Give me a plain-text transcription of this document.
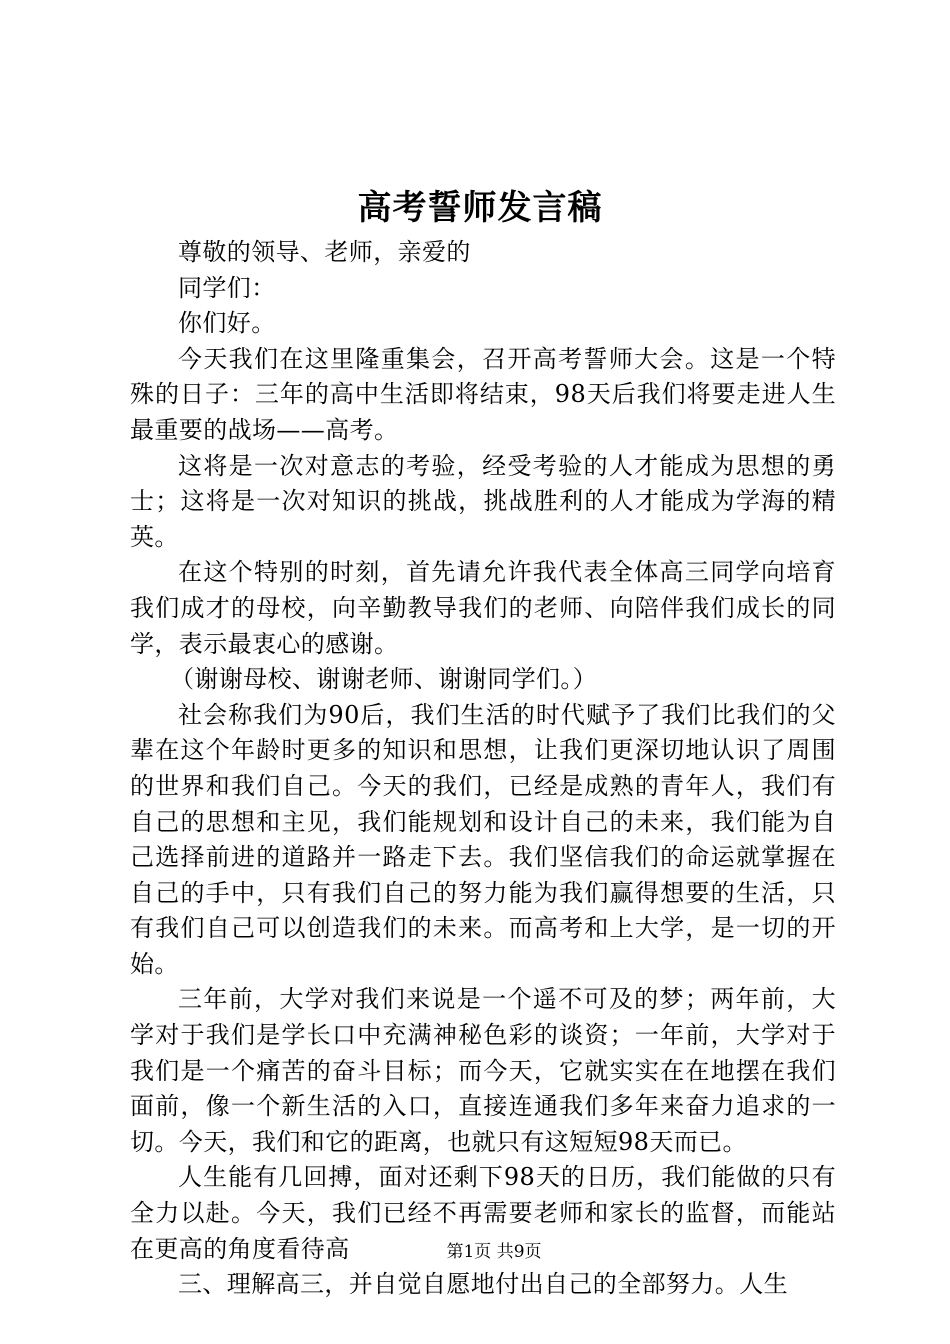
高考誓师发言稿

尊敬的领导、老师，亲爱的

同学们：

你们好。

今天我们在这里隆重集会，召开高考誓师大会。这是一个特殊的日子：三年的高中生活即将结束，98天后我们将要走进人生最重要的战场——高考。

这将是一次对意志的考验，经受考验的人才能成为思想的勇士；这将是一次对知识的挑战，挑战胜利的人才能成为学海的精英。

在这个特别的时刻，首先请允许我代表全体高三同学向培育我们成才的母校，向辛勤教导我们的老师、向陪伴我们成长的同学，表示最衷心的感谢。

（谢谢母校、谢谢老师、谢谢同学们。）

社会称我们为90后，我们生活的时代赋予了我们比我们的父辈在这个年龄时更多的知识和思想，让我们更深切地认识了周围的世界和我们自己。今天的我们，已经是成熟的青年人，我们有自己的思想和主见，我们能规划和设计自己的未来，我们能为自己选择前进的道路并一路走下去。我们坚信我们的命运就掌握在自己的手中，只有我们自己的努力能为我们赢得想要的生活，只有我们自己可以创造我们的未来。而高考和上大学，是一切的开始。

三年前，大学对我们来说是一个遥不可及的梦；两年前，大学对于我们是学长口中充满神秘色彩的谈资；一年前，大学对于我们是一个痛苦的奋斗目标；而今天，它就实实在在地摆在我们面前，像一个新生活的入口，直接连通我们多年来奋力追求的一切。今天，我们和它的距离，也就只有这短短98天而已。

人生能有几回搏，面对还剩下98天的日历，我们能做的只有全力以赴。今天，我们已经不再需要老师和家长的监督，而能站在更高的角度看待高

三、理解高三，并自觉自愿地付出自己的全部努力。人生

第1页 共9页
